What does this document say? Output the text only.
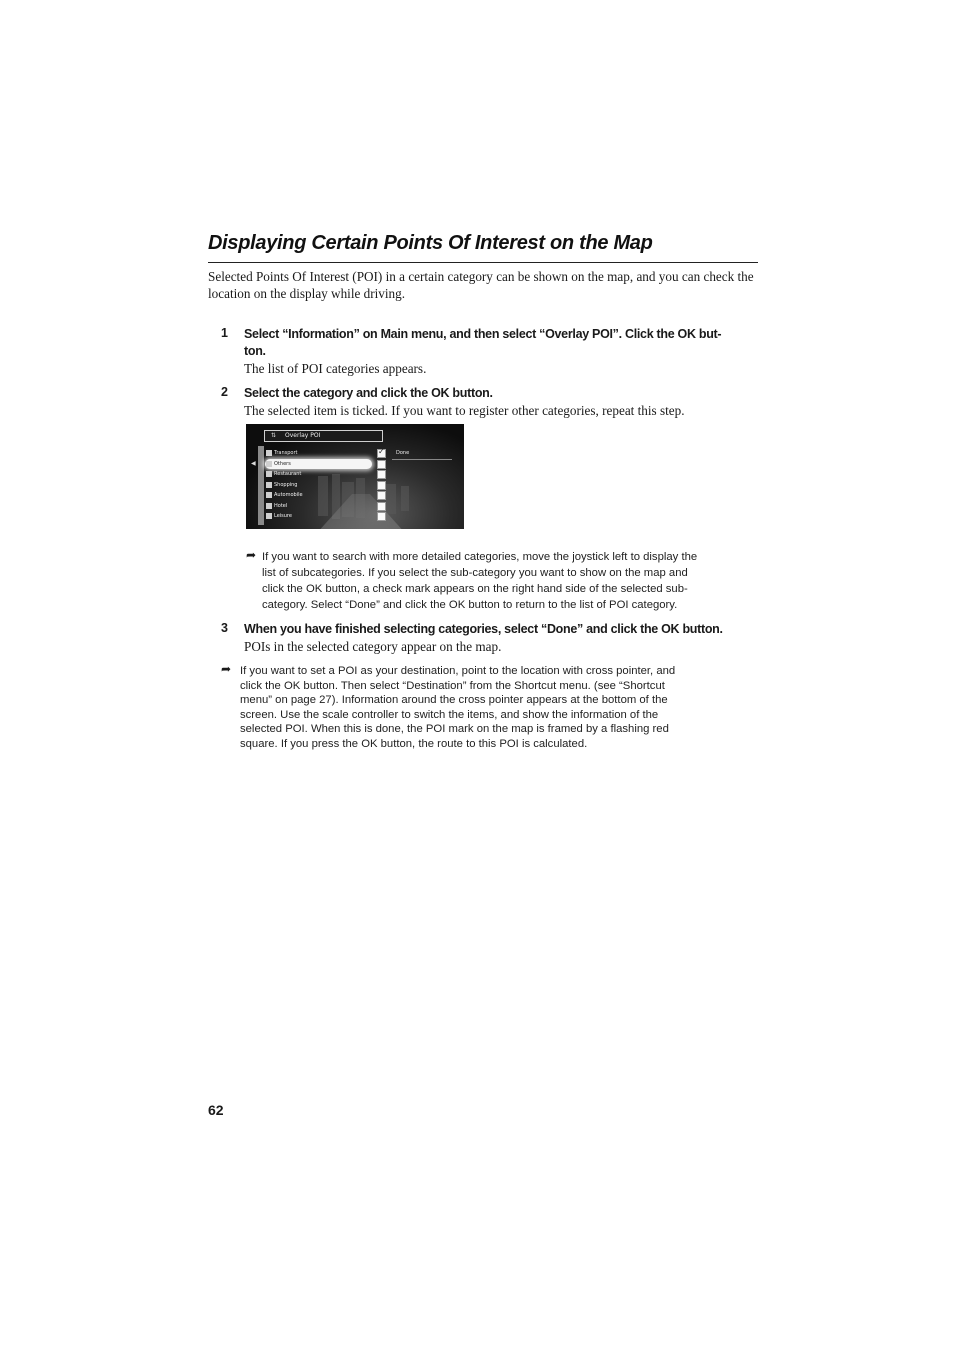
Displaying Certain Points Of Interest on the Map
Selected Points Of Interest (POI) in a certain category can be shown on the map, and you can check the location on the display while driving.
1 Select “Information” on Main menu, and then select “Overlay POI”. Click the OK but-
ton.
The list of POI categories appears.
2 Select the category and click the OK button.
The selected item is ticked. If you want to register other categories, repeat this step.
⇅ Overlay POI
◀
Transport
Others
Restaurant
Shopping
Automobile
Hotel
Leisure
✓
Done
➦ If you want to search with more detailed categories, move the joystick left to display the
list of subcategories. If you select the sub-category you want to show on the map and
click the OK button, a check mark appears on the right hand side of the selected sub-
category. Select “Done” and click the OK button to return to the list of POI category.
3 When you have finished selecting categories, select “Done” and click the OK button.
POIs in the selected category appear on the map.
➦ If you want to set a POI as your destination, point to the location with cross pointer, and
click the OK button. Then select “Destination” from the Shortcut menu. (see “Shortcut
menu” on page 27). Information around the cross pointer appears at the bottom of the
screen. Use the scale controller to switch the items, and show the information of the
selected POI. When this is done, the POI mark on the map is framed by a flashing red
square. If you press the OK button, the route to this POI is calculated.
62
